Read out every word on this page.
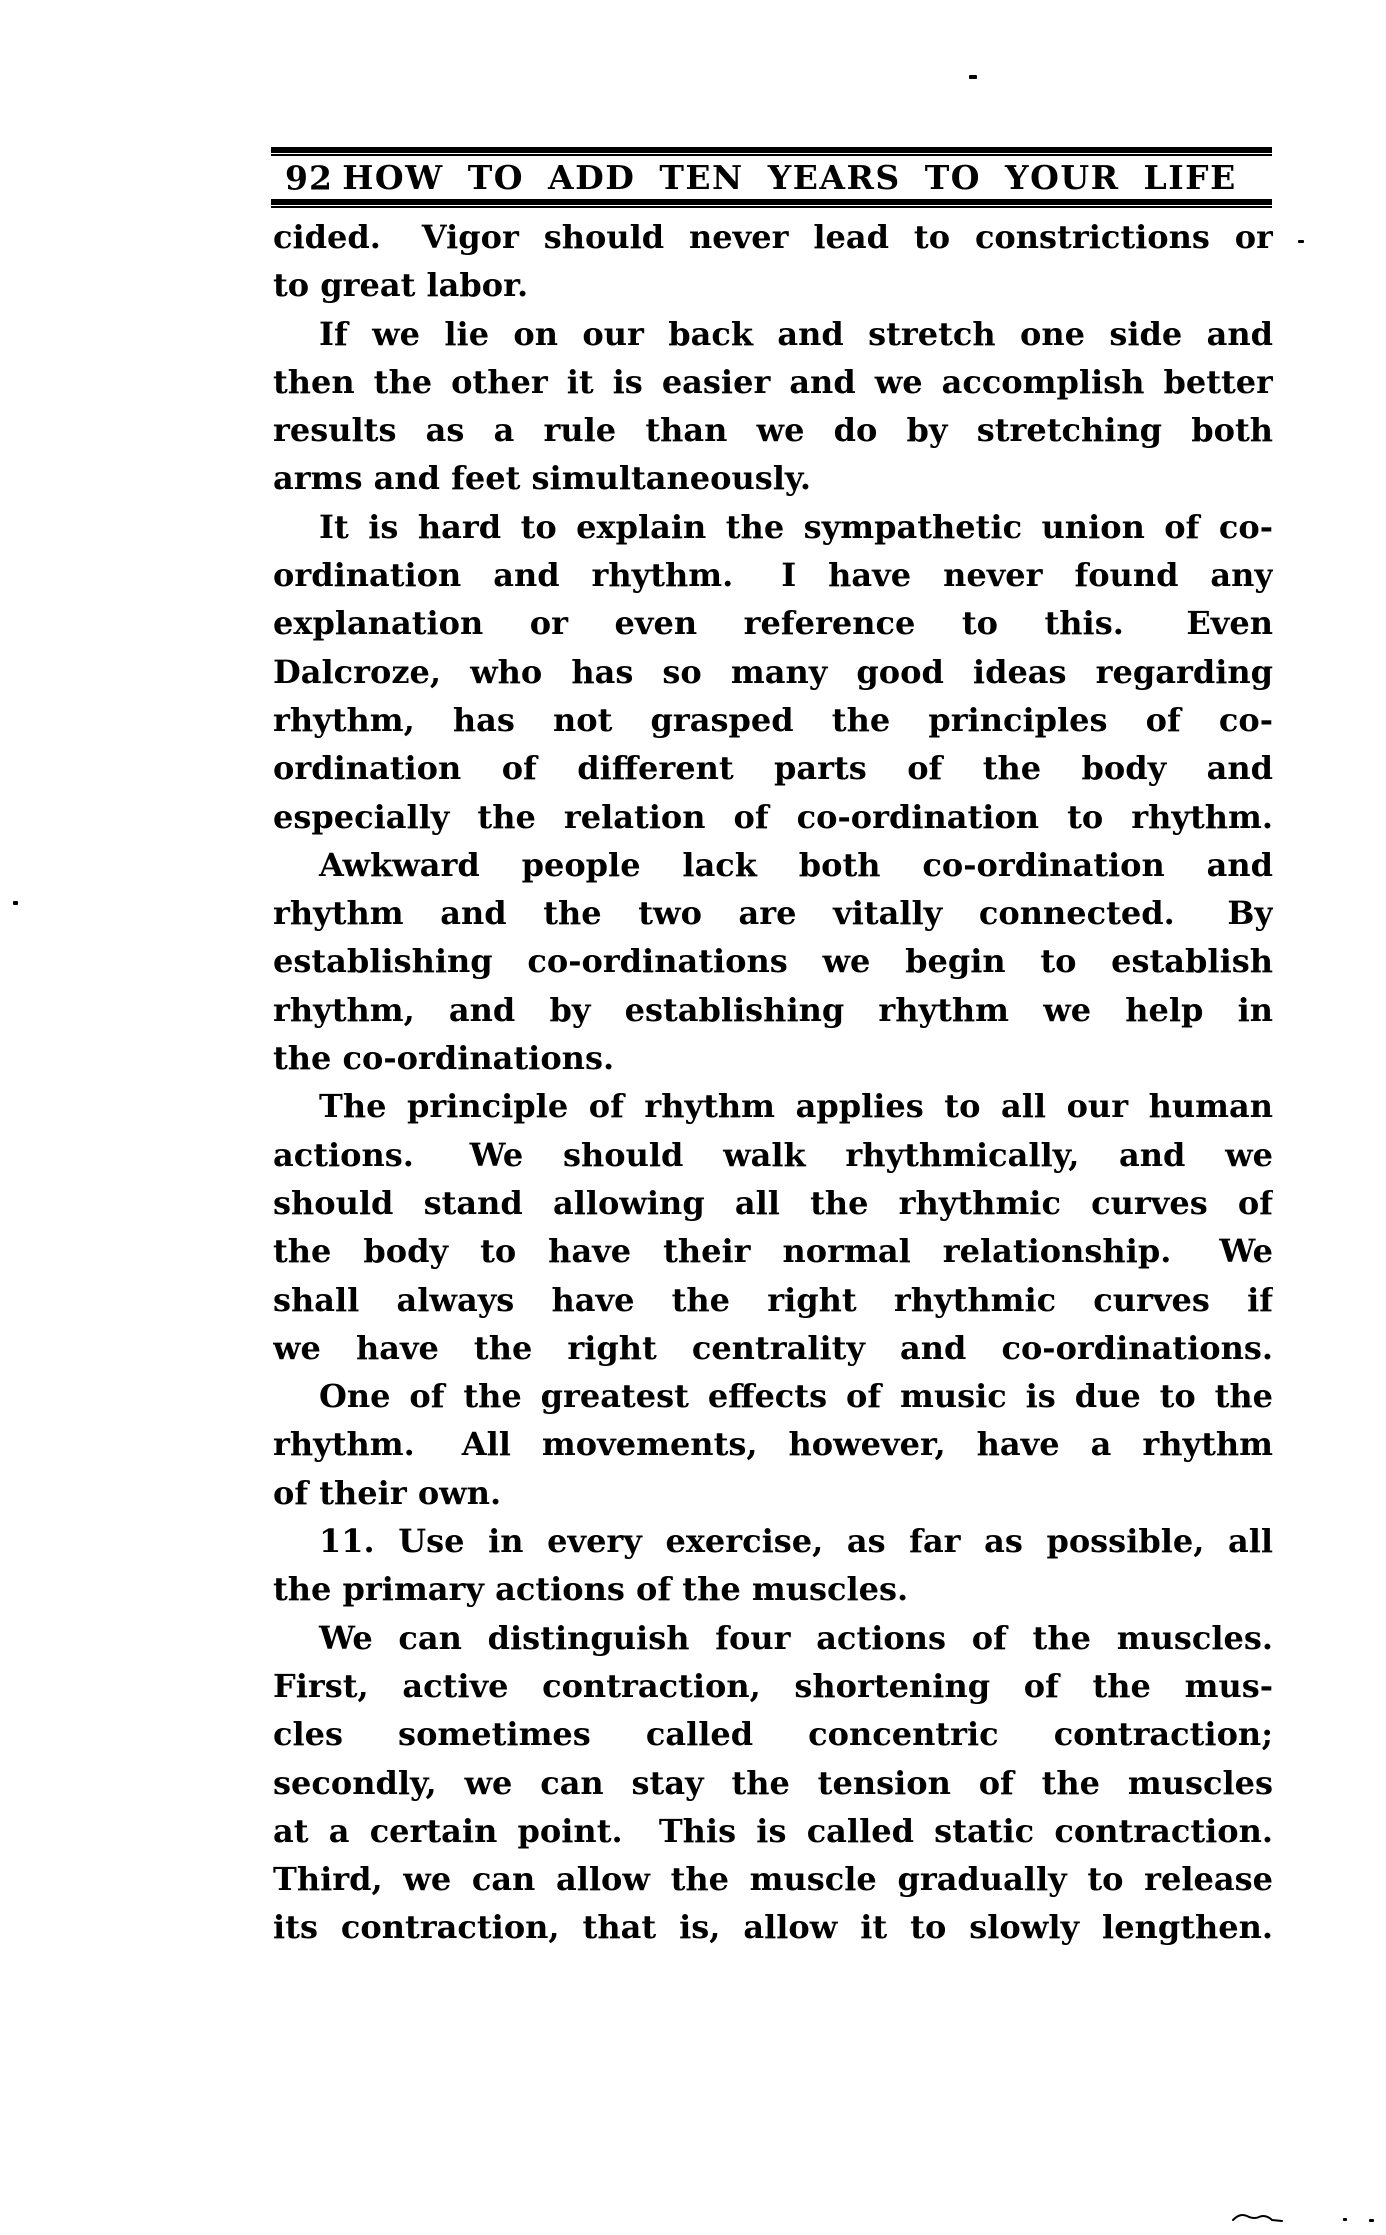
92 HOW TO ADD TEN YEARS TO YOUR LIFE
cided.  Vigor should never lead to constrictions or
to great labor.
If we lie on our back and stretch one side and
then the other it is easier and we accomplish better
results as a rule than we do by stretching both
arms and feet simultaneously.
It is hard to explain the sympathetic union of co-
ordination and rhythm.  I have never found any
explanation or even reference to this.  Even
Dalcroze, who has so many good ideas regarding
rhythm, has not grasped the principles of co-
ordination of different parts of the body and
especially the relation of co-ordination to rhythm.
Awkward people lack both co-ordination and
rhythm and the two are vitally connected.  By
establishing co-ordinations we begin to establish
rhythm, and by establishing rhythm we help in
the co-ordinations.
The principle of rhythm applies to all our human
actions.  We should walk rhythmically, and we
should stand allowing all the rhythmic curves of
the body to have their normal relationship.  We
shall always have the right rhythmic curves if
we have the right centrality and co-ordinations.
One of the greatest effects of music is due to the
rhythm.  All movements, however, have a rhythm
of their own.
11. Use in every exercise, as far as possible, all
the primary actions of the muscles.
We can distinguish four actions of the muscles.
First, active contraction, shortening of the mus-
cles sometimes called concentric contraction;
secondly, we can stay the tension of the muscles
at a certain point.  This is called static contraction.
Third, we can allow the muscle gradually to release
its contraction, that is, allow it to slowly lengthen.
